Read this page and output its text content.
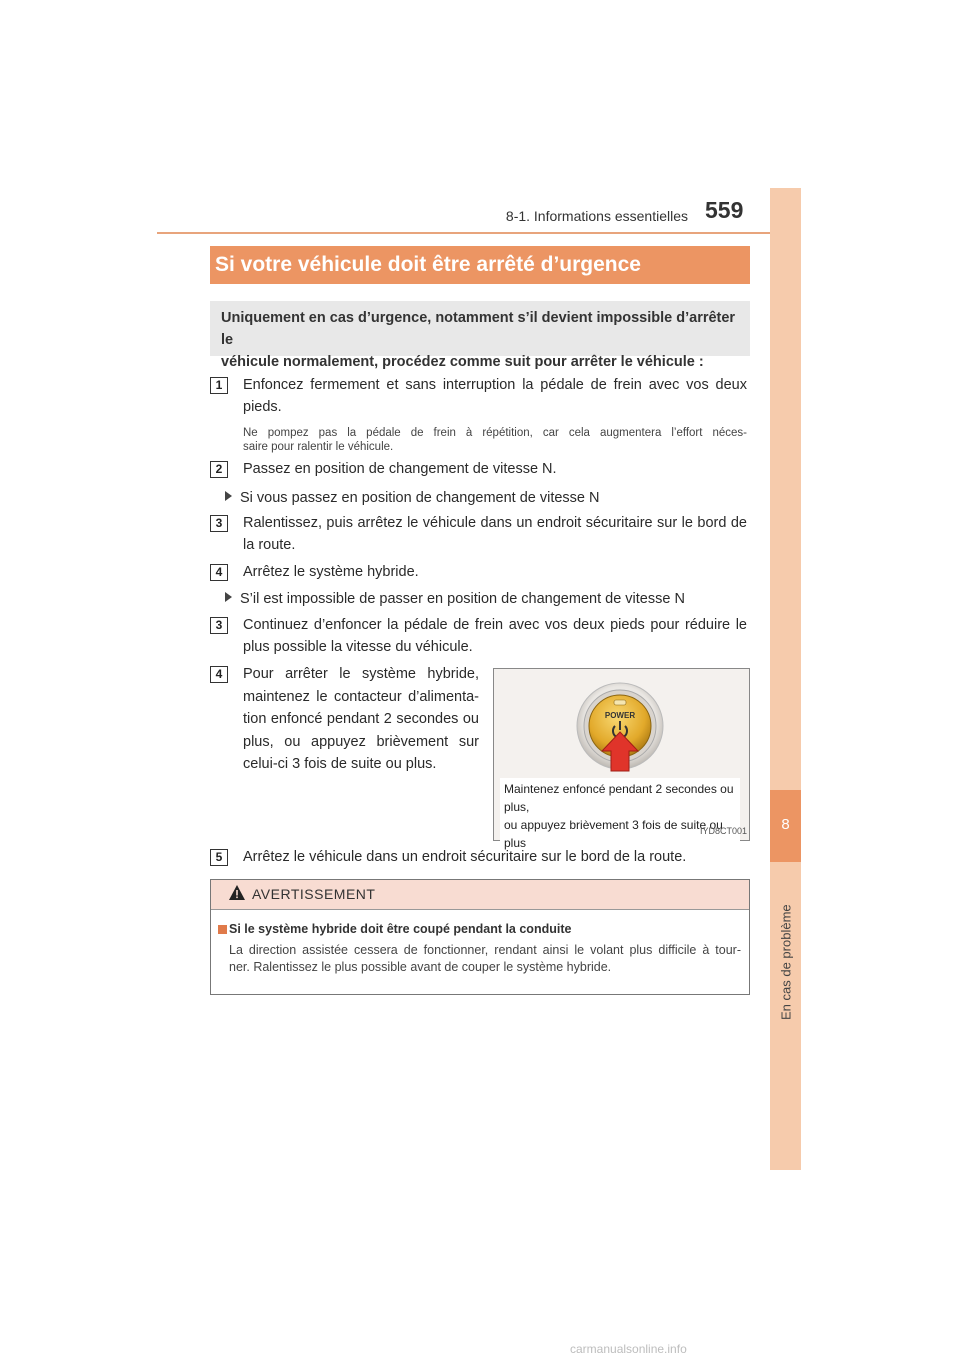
8-1. Informations essentielles 559
8
En cas de problème
Si votre véhicule doit être arrêté d’urgence
Uniquement en cas d’urgence, notamment s’il devient impossible d’arrêter le
véhicule normalement, procédez comme suit pour arrêter le véhicule :
1	Enfoncez fermement et sans interruption la pédale de frein avec vos deux
pieds.
Ne pompez pas la pédale de frein à répétition, car cela augmentera l’effort néces-
saire pour ralentir le véhicule.
2	Passez en position de changement de vitesse N.
Si vous passez en position de changement de vitesse N
3	Ralentissez, puis arrêtez le véhicule dans un endroit sécuritaire sur le bord de
la route.
4	Arrêtez le système hybride.
S’il est impossible de passer en position de changement de vitesse N
3	Continuez d’enfoncer la pédale de frein avec vos deux pieds pour réduire le
plus possible la vitesse du véhicule.
4	Pour arrêter le système hybride,
maintenez le contacteur d’alimenta-
tion enfoncé pendant 2 secondes ou
plus, ou appuyez brièvement sur
celui-ci 3 fois de suite ou plus.
POWER
Maintenez enfoncé pendant 2 secondes ou plus,
ou appuyez brièvement 3 fois de suite ou plus
IYD8CT001
5	Arrêtez le véhicule dans un endroit sécuritaire sur le bord de la route.
AVERTISSEMENT
Si le système hybride doit être coupé pendant la conduite
La direction assistée cessera de fonctionner, rendant ainsi le volant plus difficile à tour-
ner. Ralentissez le plus possible avant de couper le système hybride.
carmanualsonline.info
